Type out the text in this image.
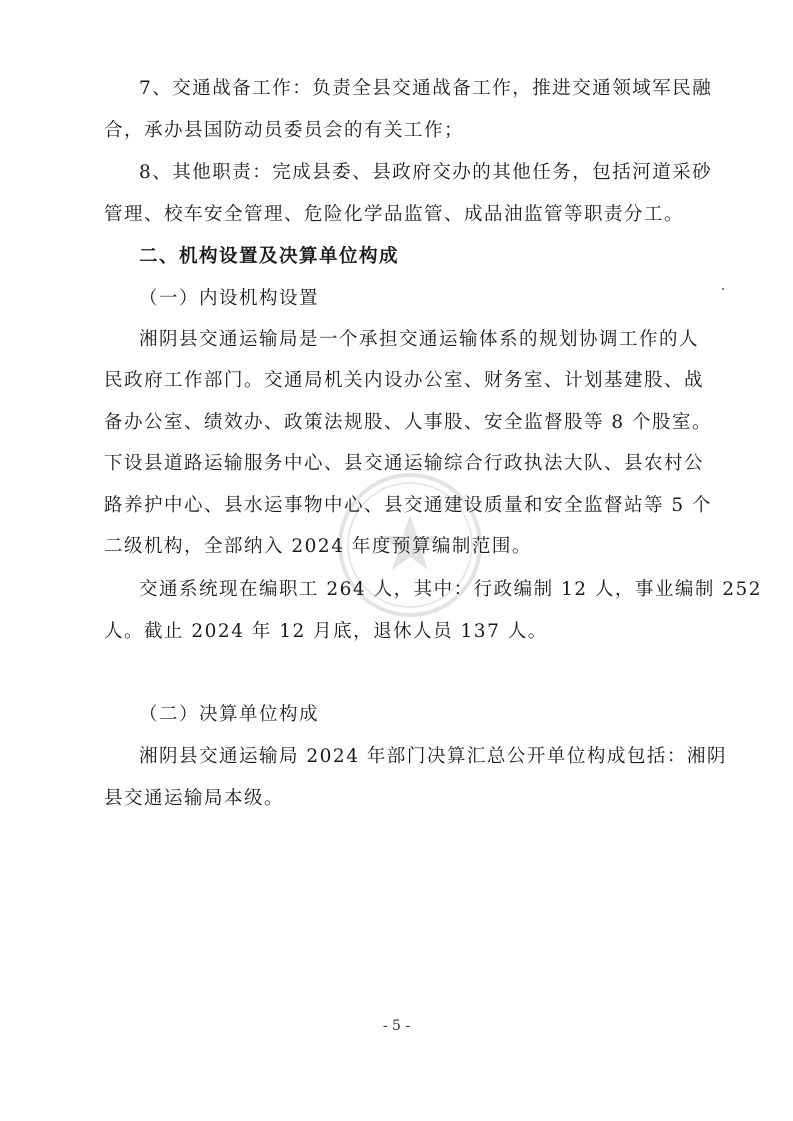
7、交通战备工作：负责全县交通战备工作，推进交通领域军民融
合，承办县国防动员委员会的有关工作；
8、其他职责：完成县委、县政府交办的其他任务，包括河道采砂
管理、校车安全管理、危险化学品监管、成品油监管等职责分工。
二、机构设置及决算单位构成
（一）内设机构设置
湘阴县交通运输局是一个承担交通运输体系的规划协调工作的人
民政府工作部门。交通局机关内设办公室、财务室、计划基建股、战
备办公室、绩效办、政策法规股、人事股、安全监督股等 8 个股室。
下设县道路运输服务中心、县交通运输综合行政执法大队、县农村公
路养护中心、县水运事物中心、县交通建设质量和安全监督站等 5 个
二级机构，全部纳入 2024 年度预算编制范围。
交通系统现在编职工 264 人，其中：行政编制 12 人，事业编制 252
人。截止 2024 年 12 月底，退休人员 137 人。
（二）决算单位构成
湘阴县交通运输局 2024 年部门决算汇总公开单位构成包括：湘阴
县交通运输局本级。
- 5 -
